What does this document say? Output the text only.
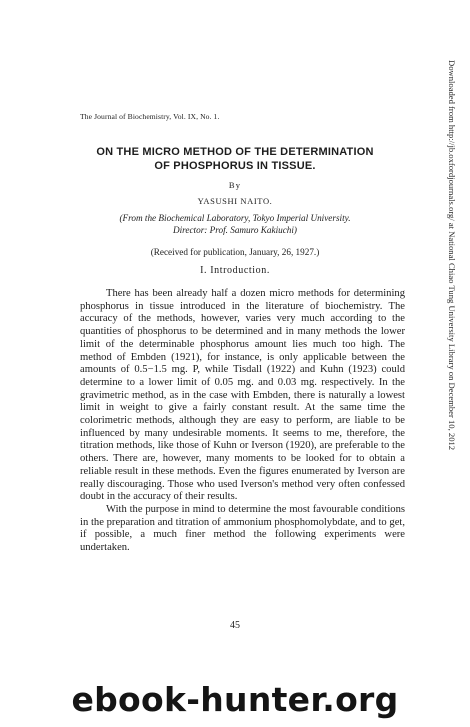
The Journal of Biochemistry, Vol. IX, No. 1.
ON THE MICRO METHOD OF THE DETERMINATION
OF PHOSPHORUS IN TISSUE.
By
YASUSHI NAITO.
(From the Biochemical Laboratory, Tokyo Imperial University.
Director: Prof. Samuro Kakiuchi)
(Received for publication, January, 26, 1927.)
I. Introduction.

There has been already half a dozen micro methods for determining phosphorus in tissue introduced in the literature of biochemistry. The accuracy of the methods, however, varies very much according to the quantities of phosphorus to be determined and in many methods the lower limit of the determinable phosphorus amount lies much too high. The method of Embden (1921), for instance, is only applicable between the amounts of 0.5−1.5 mg. P, while Tisdall (1922) and Kuhn (1923) could determine to a lower limit of 0.05 mg. and 0.03 mg. respectively. In the gravimetric method, as in the case with Embden, there is naturally a lowest limit in weight to give a fairly constant result. At the same time the colorimetric methods, although they are easy to perform, are liable to be influenced by many undesirable moments. It seems to me, therefore, the titration methods, like those of Kuhn or Iverson (1920), are preferable to the others. There are, however, many moments to be looked for to obtain a reliable result in these methods. Even the figures enumerated by Iverson are really discouraging. Those who used Iverson's method very often confessed doubt in the accuracy of their results.

With the purpose in mind to determine the most favourable conditions in the preparation and titration of ammonium phosphomolybdate, and to get, if possible, a much finer method the following experiments were undertaken.

45
Downloaded from http://jb.oxfordjournals.org/ at National Chiao Tung University Library on December 10, 2012
ebook-hunter.org
